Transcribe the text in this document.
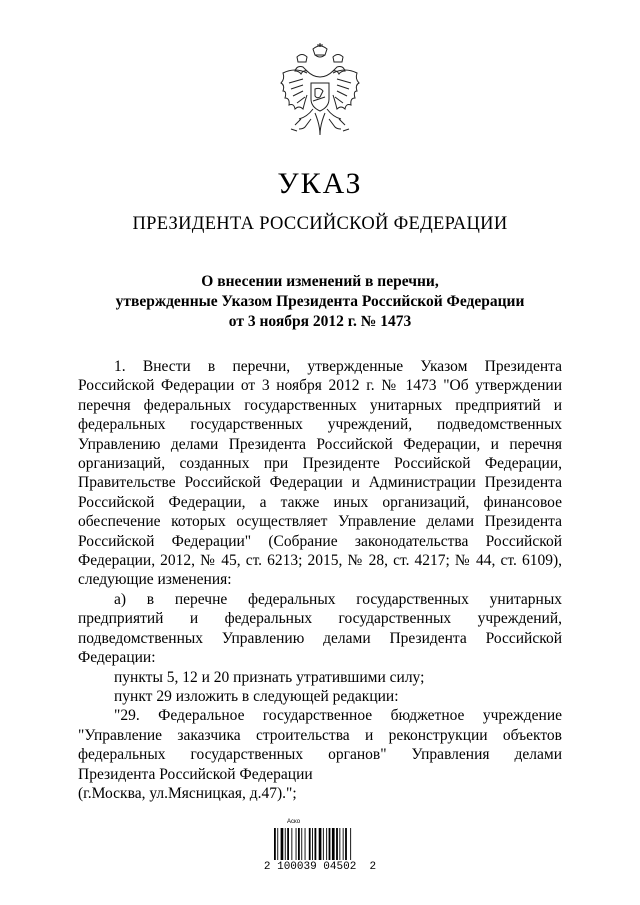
УКАЗ
ПРЕЗИДЕНТА РОССИЙСКОЙ ФЕДЕРАЦИИ
О внесении изменений в перечни,
утвержденные Указом Президента Российской Федерации
от 3 ноября 2012 г. № 1473
1. Внести в перечни, утвержденные Указом Президента
Российской Федерации от 3 ноября 2012 г. № 1473 "Об утверждении
перечня федеральных государственных унитарных предприятий и
федеральных государственных учреждений, подведомственных
Управлению делами Президента Российской Федерации, и перечня
организаций, созданных при Президенте Российской Федерации,
Правительстве Российской Федерации и Администрации Президента
Российской Федерации, а также иных организаций, финансовое
обеспечение которых осуществляет Управление делами Президента
Российской Федерации" (Собрание законодательства Российской
Федерации, 2012, № 45, ст. 6213; 2015, № 28, ст. 4217; № 44, ст. 6109),
следующие изменения:
а) в перечне федеральных государственных унитарных
предприятий и федеральных государственных учреждений,
подведомственных Управлению делами Президента Российской
Федерации:
пункты 5, 12 и 20 признать утратившими силу;
пункт 29 изложить в следующей редакции:
"29. Федеральное государственное бюджетное учреждение
"Управление заказчика строительства и реконструкции объектов
федеральных государственных органов" Управления делами
Президента Российской Федерации
(г.Москва, ул.Мясницкая, д.47).";
Аско
2 100039 04502  2
